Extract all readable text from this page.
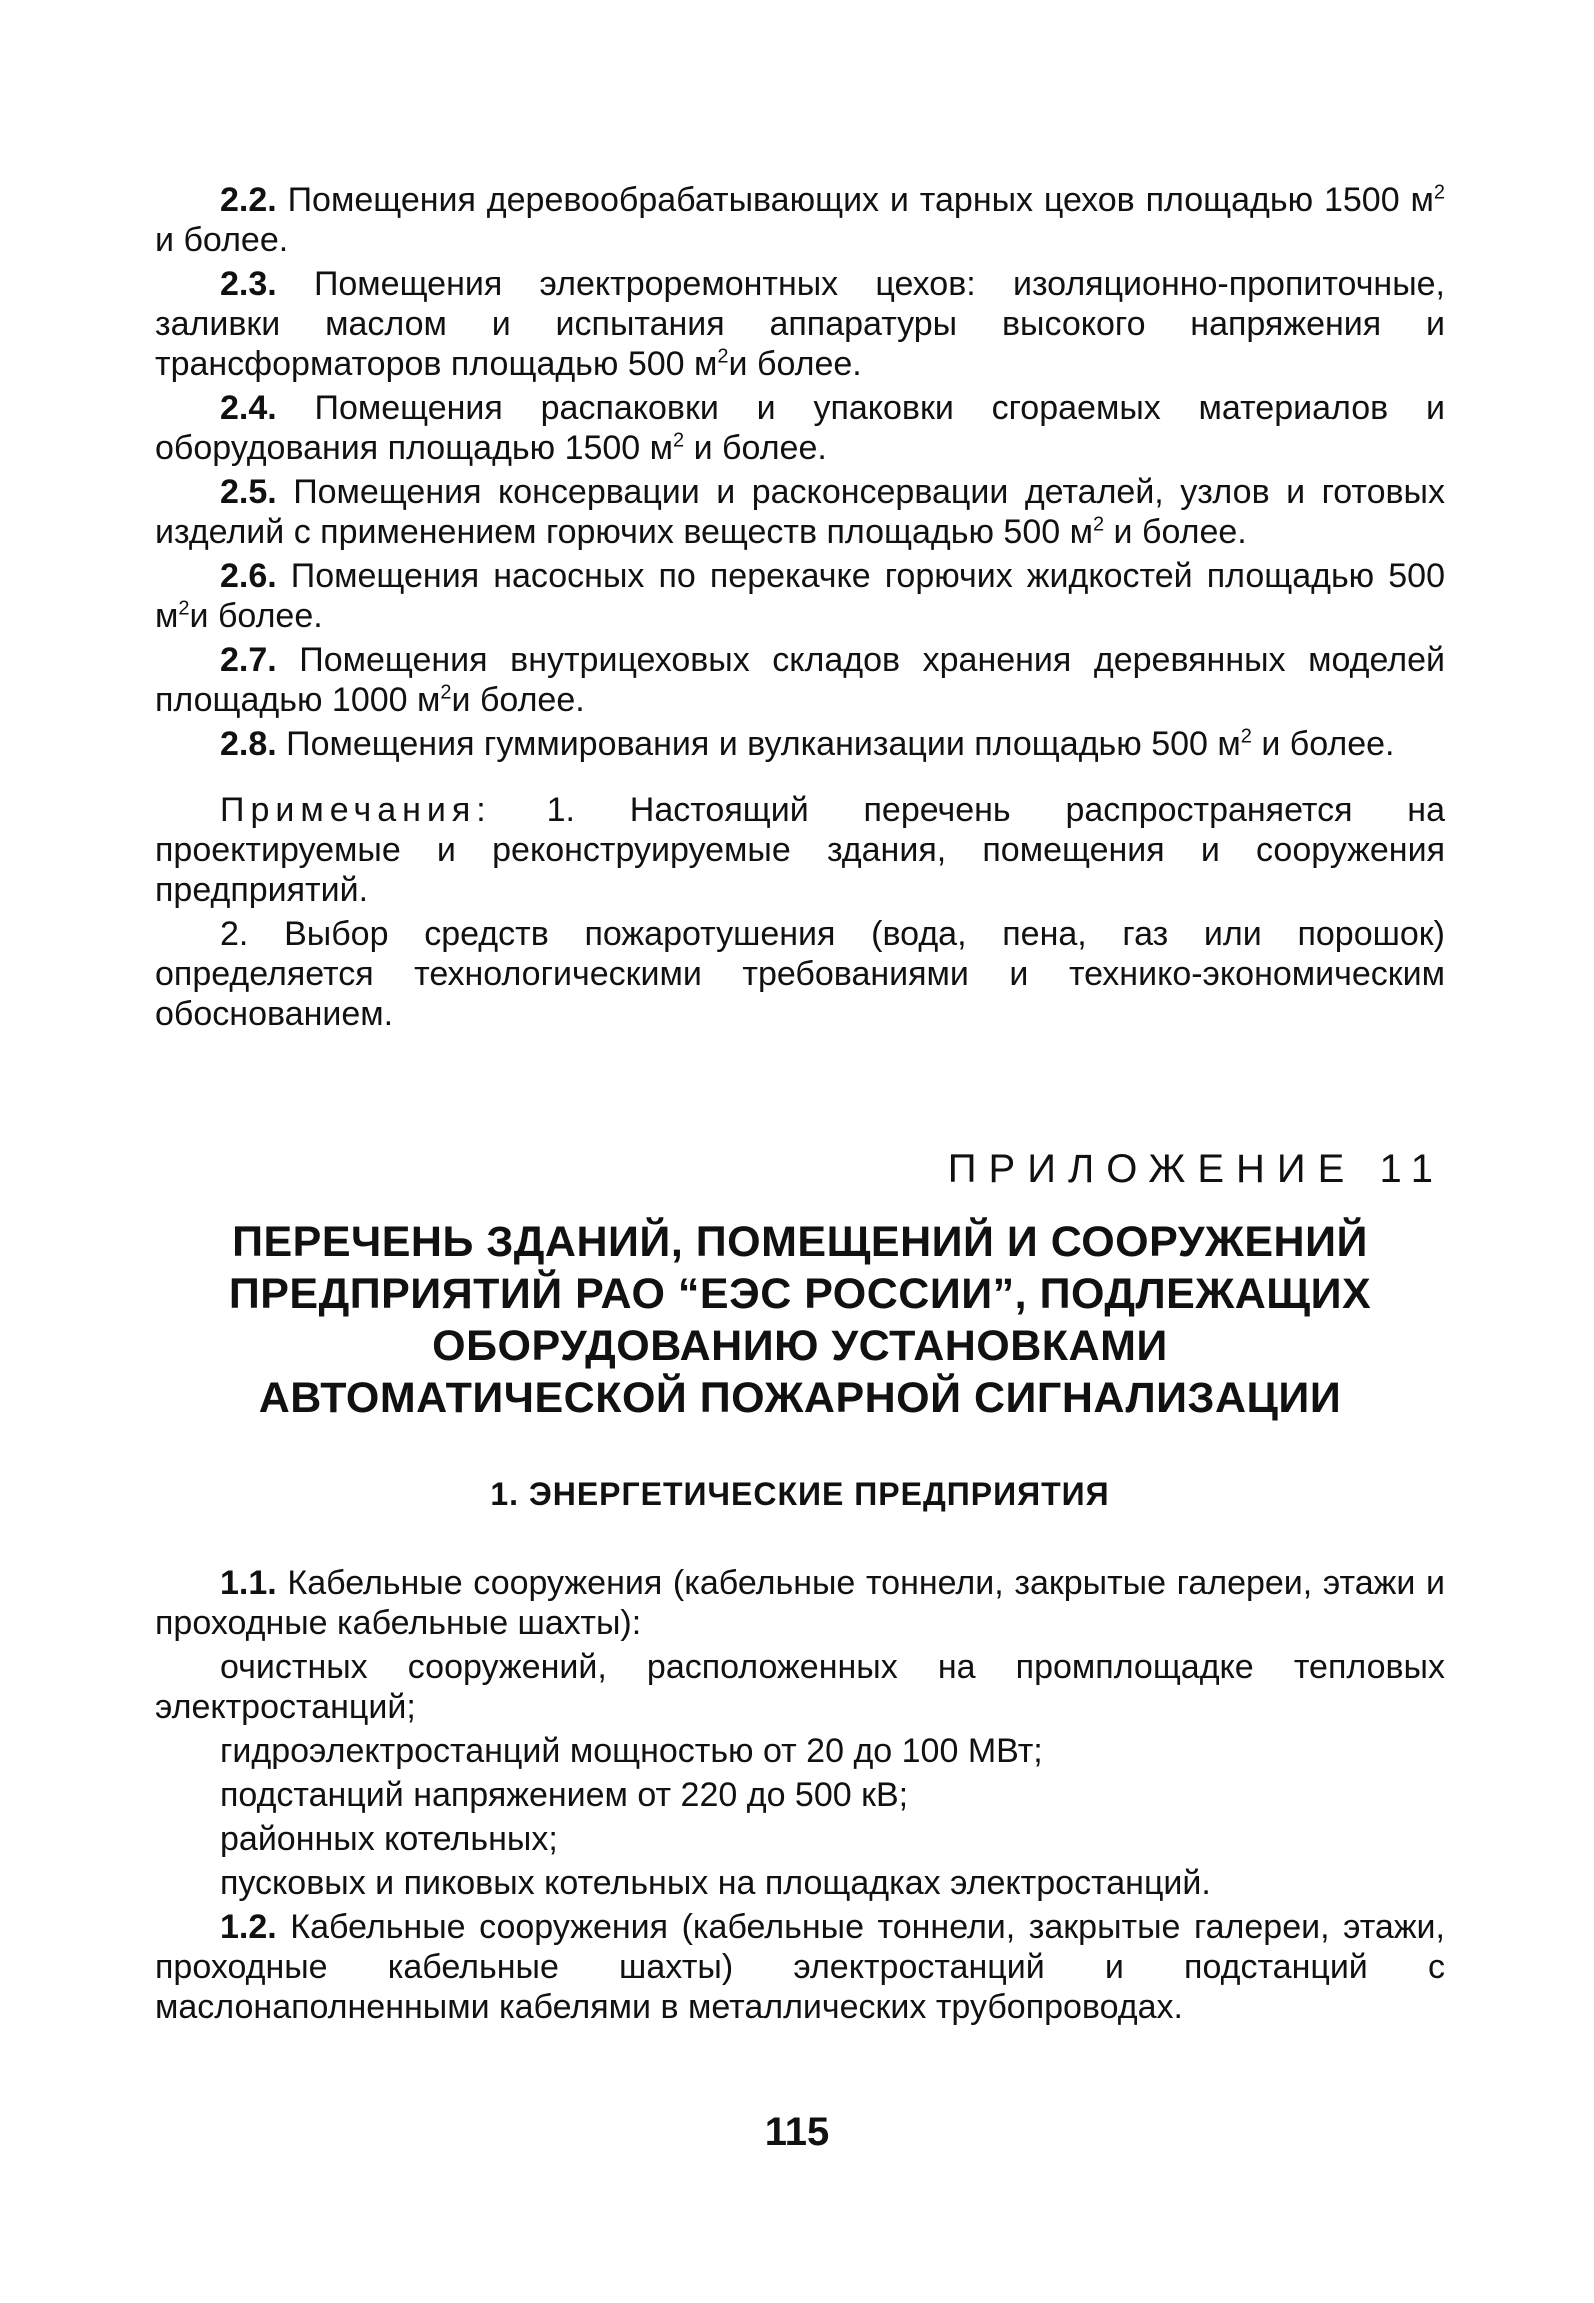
2.2. Помещения деревообрабатывающих и тарных цехов площадью 1500 $м^2$ и более.

2.3. Помещения электроремонтных цехов: изоляционно-пропиточные, заливки маслом и испытания аппаратуры высокого напряжения и трансформаторов площадью 500 $м^2и$ более.

2.4. Помещения распаковки и упаковки сгораемых материалов и оборудования площадью 1500 $м^2$ и более.

2.5. Помещения консервации и расконсервации деталей, узлов и готовых изделий с применением горючих веществ площадью 500 $м^2$ и более.

2.6. Помещения насосных по перекачке горючих жидкостей площадью 500 $м^2и$ более.

2.7. Помещения внутрицеховых складов хранения деревянных моделей площадью 1000 $м^2и$ более.

2.8. Помещения гуммирования и вулканизации площадью 500 $м^2$ и более.

Примечания: 1. Настоящий перечень распространяется на проектируемые и реконструируемые здания, помещения и сооружения предприятий.

2. Выбор средств пожаротушения (вода, пена, газ или порошок) определяется технологическими требованиями и технико-экономическим обоснованием.

ПРИЛОЖЕНИЕ 11
ПЕРЕЧЕНЬ ЗДАНИЙ, ПОМЕЩЕНИЙ И СООРУЖЕНИЙ
ПРЕДПРИЯТИЙ РАО “ЕЭС РОССИИ”, ПОДЛЕЖАЩИХ
ОБОРУДОВАНИЮ УСТАНОВКАМИ
АВТОМАТИЧЕСКОЙ ПОЖАРНОЙ СИГНАЛИЗАЦИИ
1. ЭНЕРГЕТИЧЕСКИЕ ПРЕДПРИЯТИЯ

1.1. Кабельные сооружения (кабельные тоннели, закрытые галереи, этажи и проходные кабельные шахты):

очистных сооружений, расположенных на промплощадке тепловых электростанций;

гидроэлектростанций мощностью от 20 до 100 МВт;

подстанций напряжением от 220 до 500 кВ;

районных котельных;

пусковых и пиковых котельных на площадках электростанций.

1.2. Кабельные сооружения (кабельные тоннели, закрытые галереи, этажи, проходные кабельные шахты) электростанций и подстанций с маслонаполненными кабелями в металлических трубопроводах.

115
